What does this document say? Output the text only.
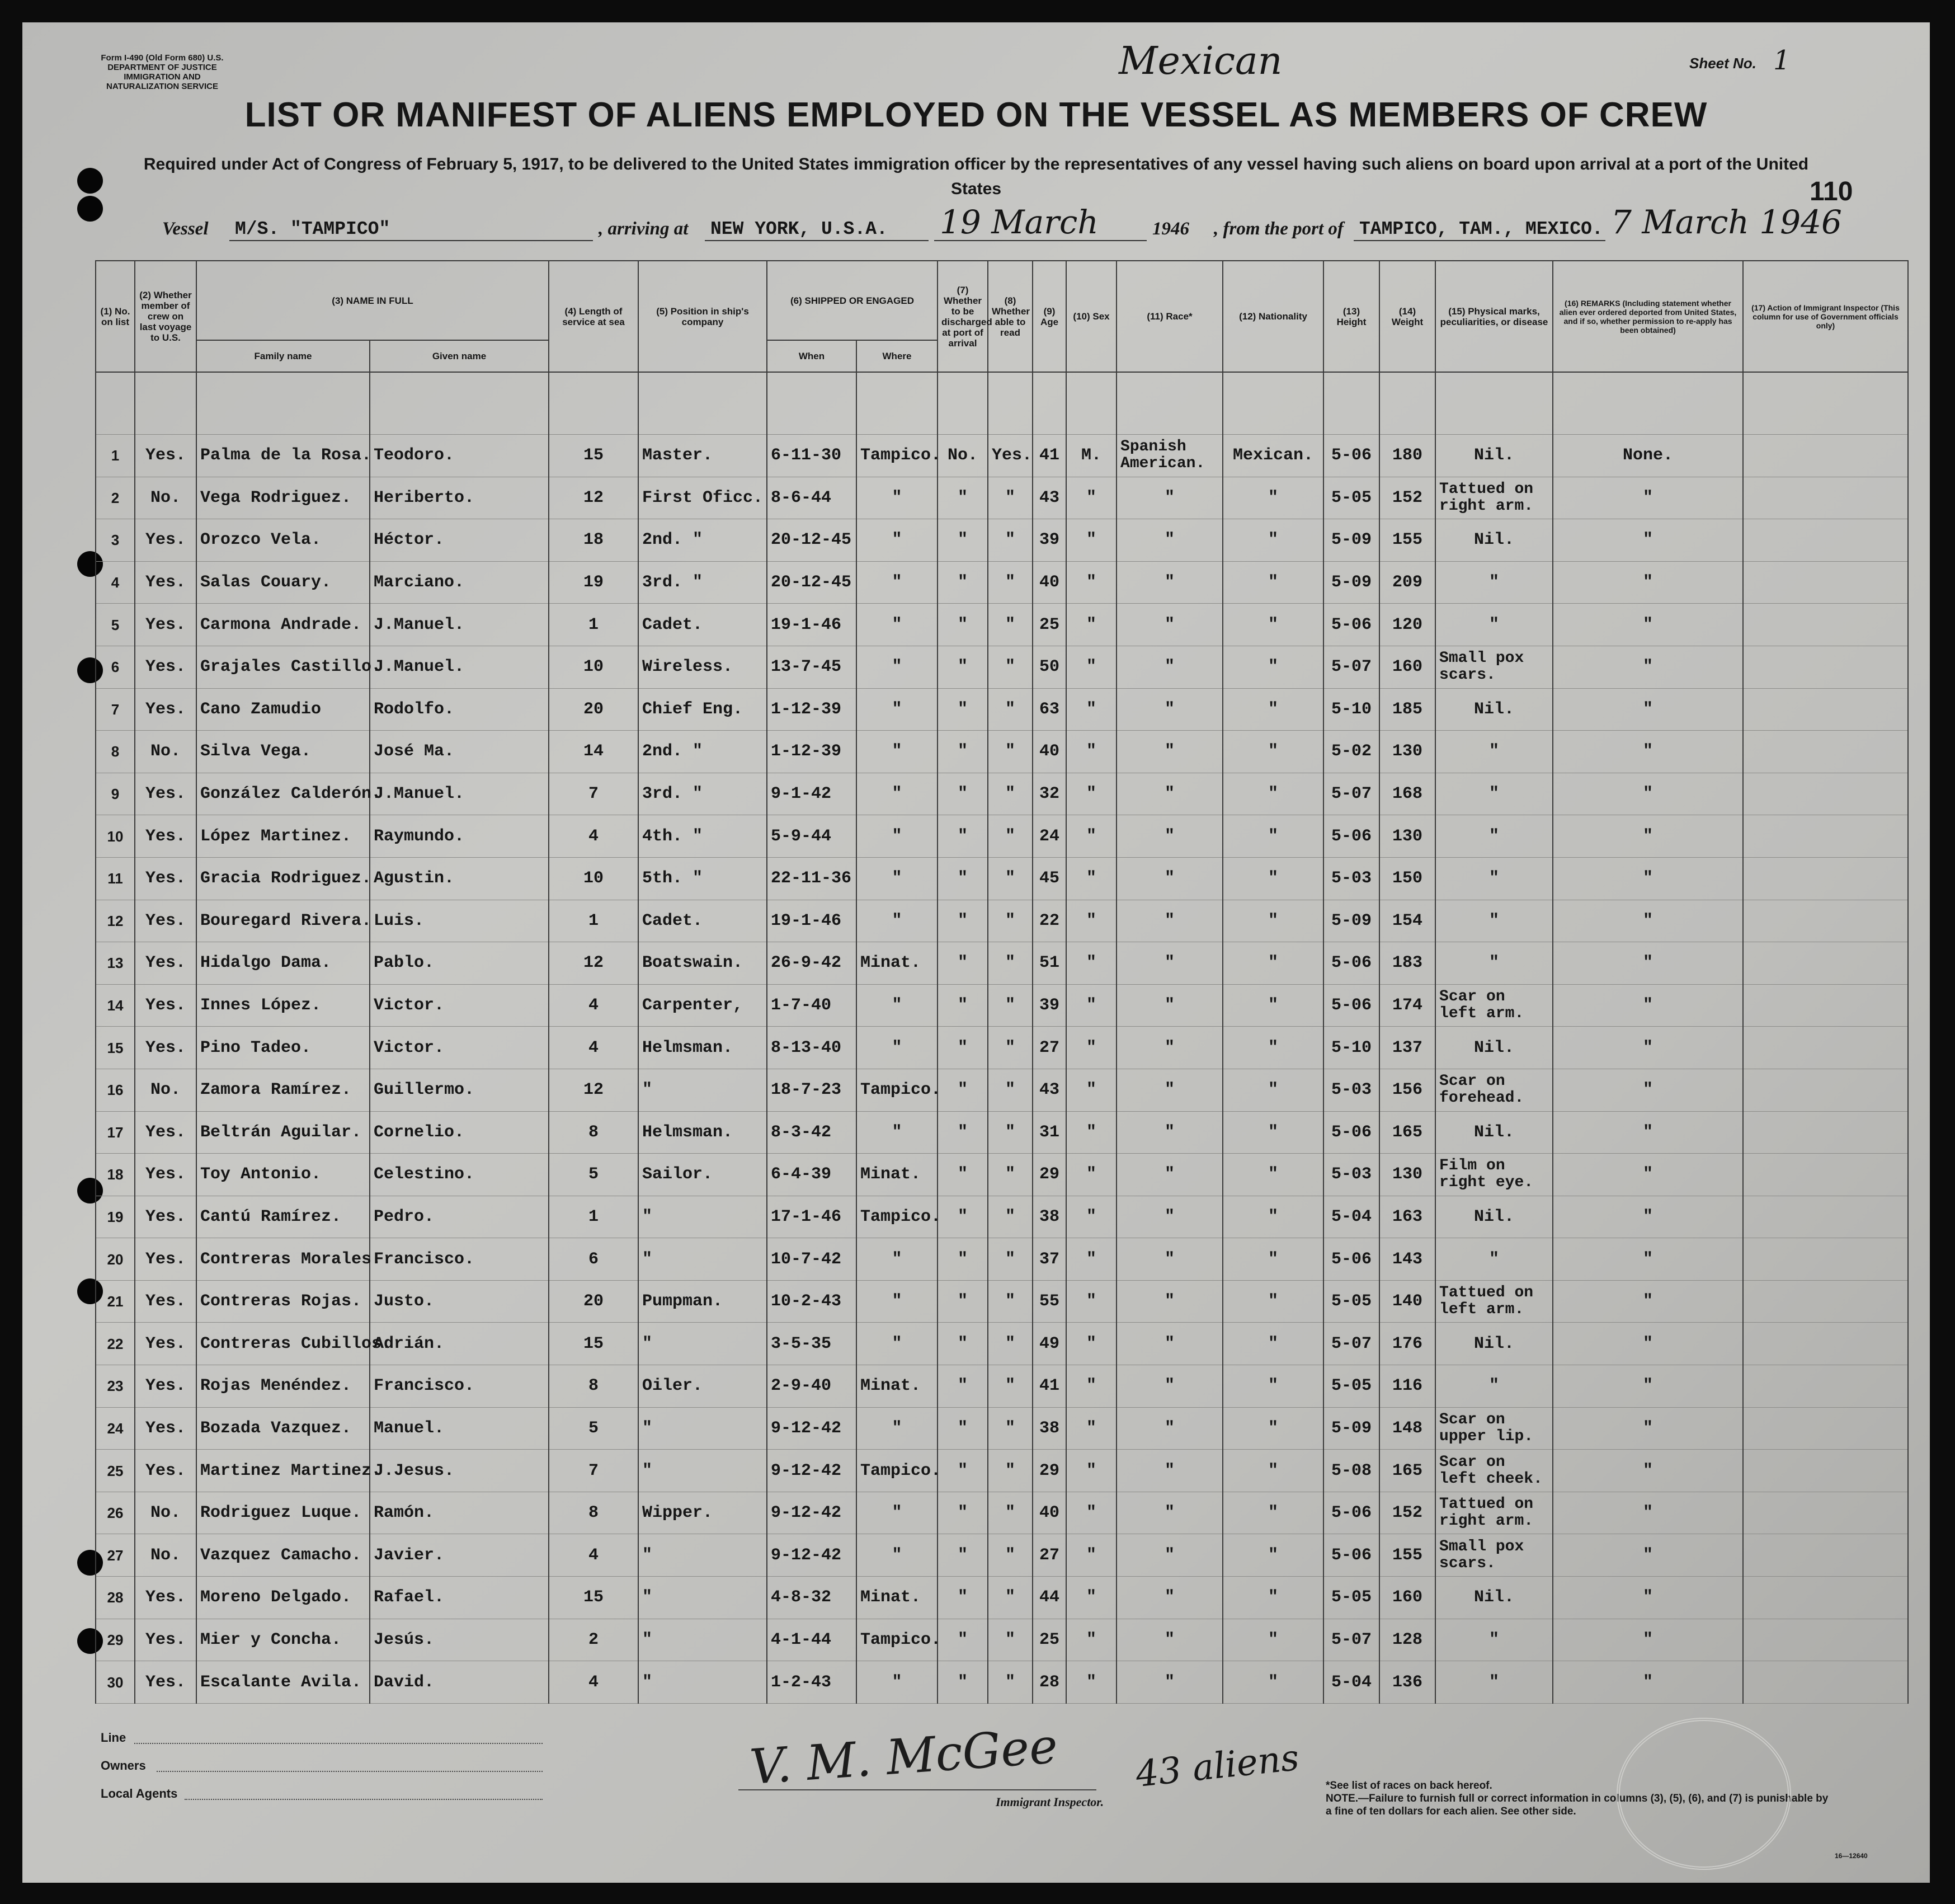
Form I-490 (Old Form 680) U.S. DEPARTMENT OF JUSTICE IMMIGRATION AND NATURALIZATION SERVICE
Sheet No. 1
Mexican
LIST OR MANIFEST OF ALIENS EMPLOYED ON THE VESSEL AS MEMBERS OF CREW
Required under Act of Congress of February 5, 1917, to be delivered to the United States immigration officer by the representatives of any vessel having such aliens on board upon arrival at a port of the United States	110
Vessel M/S. "TAMPICO"	, arriving at NEW YORK, U.S.A. 19 March	1946 , from the port of TAMPICO, TAM., MEXICO. 7 March 1946
(1) No. on list	(2) Whether member of crew on last voyage to U.S.	(3) NAME IN FULL		(4) Length of service at sea	(5) Position in ship's company	(6) SHIPPED OR ENGAGED		(7) Whether to be discharged at port of arrival	(8) Whether able to read	(9) Age	(10) Sex	(11) Race*	(12) Nationality	(13) Height	(14) Weight	(15) Physical marks, peculiarities, or disease	(16) REMARKS (Including statement whether alien ever ordered deported from United States, and if so, whether permission to re-apply has been obtained)	(17) Action of Immigrant Inspector (This column for use of Government officials only)
		Family name	Given name			When	Where											

1	Yes.	Palma de la Rosa.	Teodoro.	15	Master.	6-11-30	Tampico.	No.	Yes.	41	M.	Spanish American.	Mexican.	5-06	180	Nil.	None.	
2	No.	Vega Rodriguez.	Heriberto.	12	First Oficc.	8-6-44	"	"	"	43	"	"	"	5-05	152	Tattued on right arm.	"	
3	Yes.	Orozco Vela.	Héctor.	18	2nd. "	20-12-45	"	"	"	39	"	"	"	5-09	155	Nil.	"	
4	Yes.	Salas Couary.	Marciano.	19	3rd. "	20-12-45	"	"	"	40	"	"	"	5-09	209	"	"	
5	Yes.	Carmona Andrade.	J.Manuel.	1	Cadet.	19-1-46	"	"	"	25	"	"	"	5-06	120	"	"	
6	Yes.	Grajales Castillo.	J.Manuel.	10	Wireless.	13-7-45	"	"	"	50	"	"	"	5-07	160	Small pox scars.	"	
7	Yes.	Cano Zamudio	Rodolfo.	20	Chief Eng.	1-12-39	"	"	"	63	"	"	"	5-10	185	Nil.	"	
8	No.	Silva Vega.	José Ma.	14	2nd. "	1-12-39	"	"	"	40	"	"	"	5-02	130	"	"	
9	Yes.	González Calderón.	J.Manuel.	7	3rd. "	9-1-42	"	"	"	32	"	"	"	5-07	168	"	"	
10	Yes.	López Martinez.	Raymundo.	4	4th. "	5-9-44	"	"	"	24	"	"	"	5-06	130	"	"	
11	Yes.	Gracia Rodriguez.	Agustin.	10	5th. "	22-11-36	"	"	"	45	"	"	"	5-03	150	"	"	
12	Yes.	Bouregard Rivera.	Luis.	1	Cadet.	19-1-46	"	"	"	22	"	"	"	5-09	154	"	"	
13	Yes.	Hidalgo Dama.	Pablo.	12	Boatswain.	26-9-42	Minat.	"	"	51	"	"	"	5-06	183	"	"	
14	Yes.	Innes López.	Victor.	4	Carpenter,	1-7-40	"	"	"	39	"	"	"	5-06	174	Scar on left arm.	"	
15	Yes.	Pino Tadeo.	Victor.	4	Helmsman.	8-13-40	"	"	"	27	"	"	"	5-10	137	Nil.	"	
16	No.	Zamora Ramírez.	Guillermo.	12	"	18-7-23	Tampico.	"	"	43	"	"	"	5-03	156	Scar on forehead.	"	
17	Yes.	Beltrán Aguilar.	Cornelio.	8	Helmsman.	8-3-42	"	"	"	31	"	"	"	5-06	165	Nil.	"	
18	Yes.	Toy Antonio.	Celestino.	5	Sailor.	6-4-39	Minat.	"	"	29	"	"	"	5-03	130	Film on right eye.	"	
19	Yes.	Cantú Ramírez.	Pedro.	1	"	17-1-46	Tampico.	"	"	38	"	"	"	5-04	163	Nil.	"	
20	Yes.	Contreras Morales.	Francisco.	6	"	10-7-42	"	"	"	37	"	"	"	5-06	143	"	"	
21	Yes.	Contreras Rojas.	Justo.	20	Pumpman.	10-2-43	"	"	"	55	"	"	"	5-05	140	Tattued on left arm.	"	
22	Yes.	Contreras Cubillos.	Adrián.	15	"	3-5-35	"	"	"	49	"	"	"	5-07	176	Nil.	"	
23	Yes.	Rojas Menéndez.	Francisco.	8	Oiler.	2-9-40	Minat.	"	"	41	"	"	"	5-05	116	"	"	
24	Yes.	Bozada Vazquez.	Manuel.	5	"	9-12-42	"	"	"	38	"	"	"	5-09	148	Scar on upper lip.	"	
25	Yes.	Martinez Martinez.	J.Jesus.	7	"	9-12-42	Tampico.	"	"	29	"	"	"	5-08	165	Scar on left cheek.	"	
26	No.	Rodriguez Luque.	Ramón.	8	Wipper.	9-12-42	"	"	"	40	"	"	"	5-06	152	Tattued on right arm.	"	
27	No.	Vazquez Camacho.	Javier.	4	"	9-12-42	"	"	"	27	"	"	"	5-06	155	Small pox scars.	"	
28	Yes.	Moreno Delgado.	Rafael.	15	"	4-8-32	Minat.	"	"	44	"	"	"	5-05	160	Nil.	"	
29	Yes.	Mier y Concha.	Jesús.	2	"	4-1-44	Tampico.	"	"	25	"	"	"	5-07	128	"	"	
30	Yes.	Escalante Avila.	David.	4	"	1-2-43	"	"	"	28	"	"	"	5-04	136	"	"	
Line
Owners
Local Agents	V. M. McGee
Immigrant Inspector.
43 aliens *See list of races on back hereof.
NOTE.—Failure to furnish full or correct information in columns (3), (5), (6), and (7) is punishable by a fine of ten dollars for each alien. See other side.
16—12640
